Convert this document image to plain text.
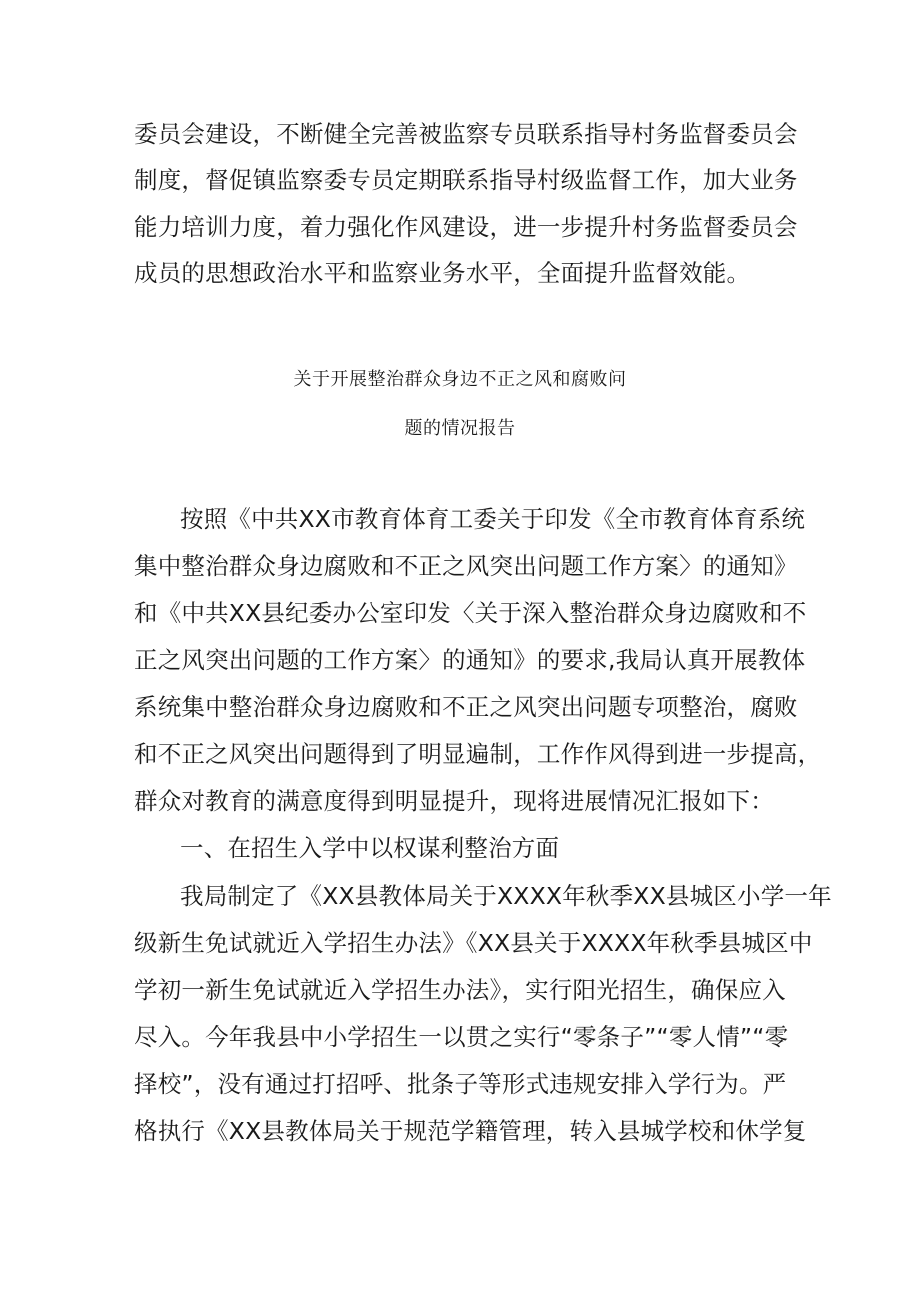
委员会建设，不断健全完善被监察专员联系指导村务监督委员会
制度，督促镇监察委专员定期联系指导村级监督工作，加大业务
能力培训力度，着力强化作风建设，进一步提升村务监督委员会
成员的思想政治水平和监察业务水平，全面提升监督效能。
关于开展整治群众身边不正之风和腐败问
题的情况报告
按照《中共XX市教育体育工委关于印发《全市教育体育系统
集中整治群众身边腐败和不正之风突出问题工作方案〉的通知》
和《中共XX县纪委办公室印发〈关于深入整治群众身边腐败和不
正之风突出问题的工作方案〉的通知》的要求,我局认真开展教体
系统集中整治群众身边腐败和不正之风突出问题专项整治，腐败
和不正之风突出问题得到了明显遍制，工作作风得到进一步提高，
群众对教育的满意度得到明显提升，现将进展情况汇报如下：
一、在招生入学中以权谋利整治方面
我局制定了《XX县教体局关于XXXX年秋季XX县城区小学一年
级新生免试就近入学招生办法》《XX县关于XXXX年秋季县城区中
学初一新生免试就近入学招生办法》，实行阳光招生，确保应入
尽入。今年我县中小学招生一以贯之实行“零条子”“零人情”“零
择校”，没有通过打招呼、批条子等形式违规安排入学行为。严
格执行《XX县教体局关于规范学籍管理，转入县城学校和休学复
